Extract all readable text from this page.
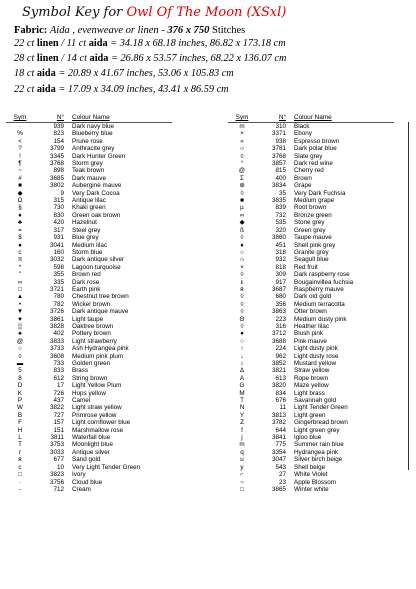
Symbol Key for Owl Of The Moon (XSxl)
Fabric: Aida , evenweave or linen - 376 x 750 Stitches
22 ct linen / 11 ct aida = 34.18 x 68.18 inches, 86.82 x 173.18 cm
28 ct linen / 14 ct aida = 26.86 x 53.57 inches, 68.22 x 136.07 cm
18 ct aida = 20.89 x 41.67 inches, 53.06 x 105.83 cm
22 ct aida = 17.09 x 34.09 inches, 43.41 x 86.59 cm
Sym	N°	Colour Name
·	939	Dark navy blue
%	823	Blueberry blue
<	154	Prune rose
?	3799	Anthracite grey
!	3345	Dark Hunter Green
¶	3768	Storm grey
~	898	Teak brown
#	3685	Dark mauve
■	3802	Aubergine mauve
◆	9	Very Dark Cocoa
Ω	315	Antique lilac
§	730	Khaki green
♦	830	Green oak brown
♣	420	Hazelnut
=	317	Steel grey
$	931	Blue grey
●	3041	Medium lilac
c	160	Storm blue
π	3032	Dark antique silver
*	598	Lagoon turquoise
"	355	Brown red
∞	335	Dark rose
□	3721	Earth pink
▲	780	Chestnut tree brown
•	782	Wicker brown
▼	3726	Dark antique mauve
♥	3861	Light taupe
▒	3828	Oaktree brown
♠	402	Pottery brown
@	3833	Light strawberry
○	3733	Ash Hydrangea pink
◊	3608	Medium pink plum
▬	733	Golden green
5	833	Brass
8	612	String brown
D	17	Light Yellow Plum
K	726	Hops yellow
P	437	Camel
W	3822	Light straw yellow
B	727	Primrose yellow
F	157	Light cornflower blue
H	151	Marshmallow rose
L	3811	Waterfall blue
T	3753	Moonlight blue
r	3033	Antique silver
ʀ	677	Sand gold
c	10	Very Light Tender Green
□	3823	Ivory
·	3756	Cloud blue
-	712	Cream
Sym	N°	Colour Name
m	310	Black
×	3371	Ebony
»	938	Espresso brown
☼	3781	Dark polar blue
◊	3768	Slate grey
°	3857	Dark red wine
@	815	Cherry red
Σ	400	Brown
⊕	3834	Grape
◊	35	Very Dark Fuchsia
■	3835	Medium grape
µ	839	Root brown
∞	732	Bronze green
◆	535	Stone grey
ß	320	Green grey
◊	3860	Taupe mauve
♦	451	Shell pink grey
○	318	Granite grey
☼	932	Seagull blue
×	818	Red fruit
◊	309	Dark raspberry rose
ε	917	Bougainvillea fuchsia
ʀ	3687	Raspberry mauve
◊	680	Dark old gold
◊	356	Medium terracotta
◊	3863	Otter brown
Θ	223	Medium dusty pink
◊	316	Heather lilac
●	3712	Blush pink
○	3688	Pink mauve
↑	224	Light dusty pink
↓	962	Light dusty rose
↕	3852	Mustard yellow
∆	3821	Straw yellow
A	613	Rope brown
G	3820	Maze yellow
M	834	Light brass
T	676	Savannah gold
N	11	Light Tender Green
Y	3813	Light green
Z	3782	Gingerbread brown
f	644	Light green grey
j	3841	Igloo blue
m	775	Summer rain blue
q	3354	Hydrangea pink
u	3047	Silver birch beige
y	543	Shell beige
⌐	27	White Violet
~	23	Apple Blossom
□	3865	Winter white
